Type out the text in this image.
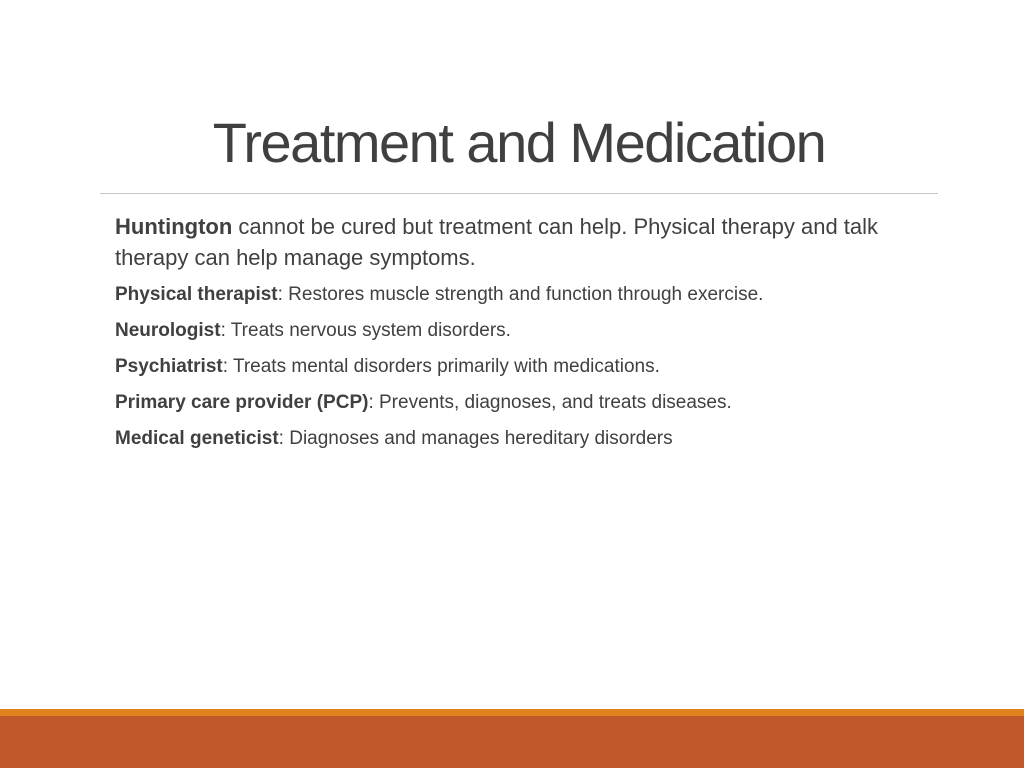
Treatment and Medication

Huntington cannot be cured but treatment can help. Physical therapy and talk therapy can help manage symptoms.

Physical therapist: Restores muscle strength and function through exercise.

Neurologist: Treats nervous system disorders.

Psychiatrist: Treats mental disorders primarily with medications.

Primary care provider (PCP): Prevents, diagnoses, and treats diseases.

Medical geneticist: Diagnoses and manages hereditary disorders
